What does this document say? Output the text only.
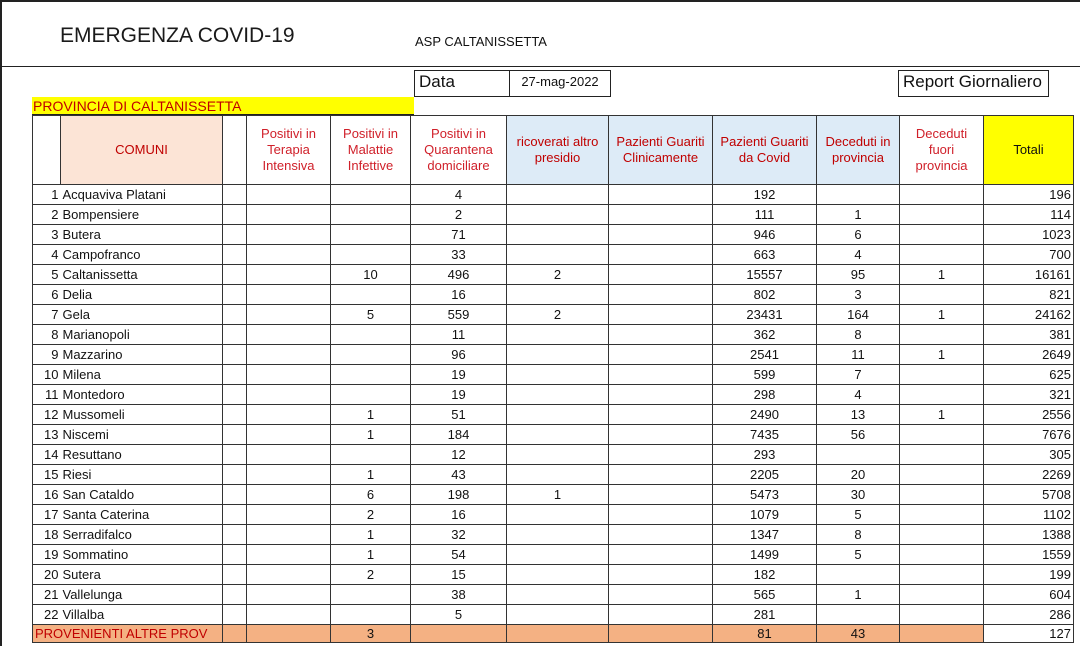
EMERGENZA COVID-19	ASP CALTANISSETTA
Data	27-mag-2022	Report Giornaliero
PROVINCIA DI CALTANISSETTA
	COMUNI		Positivi in Terapia Intensiva	Positivi in Malattie Infettive	Positivi in Quarantena domiciliare	ricoverati altro presidio	Pazienti Guariti Clinicamente	Pazienti Guariti da Covid	Deceduti in provincia	Deceduti fuori provincia	Totali
1	Acquaviva Platani				4			192			196
2	Bompensiere				2			111	1		114
3	Butera				71			946	6		1023
4	Campofranco				33			663	4		700
5	Caltanissetta			10	496	2		15557	95	1	16161
6	Delia				16			802	3		821
7	Gela			5	559	2		23431	164	1	24162
8	Marianopoli				11			362	8		381
9	Mazzarino				96			2541	11	1	2649
10	Milena				19			599	7		625
11	Montedoro				19			298	4		321
12	Mussomeli			1	51			2490	13	1	2556
13	Niscemi			1	184			7435	56		7676
14	Resuttano				12			293			305
15	Riesi			1	43			2205	20		2269
16	San Cataldo			6	198	1		5473	30		5708
17	Santa Caterina			2	16			1079	5		1102
18	Serradifalco			1	32			1347	8		1388
19	Sommatino			1	54			1499	5		1559
20	Sutera			2	15			182			199
21	Vallelunga				38			565	1		604
22	Villalba				5			281			286
PROVENIENTI ALTRE PROV				3				81	43		127
